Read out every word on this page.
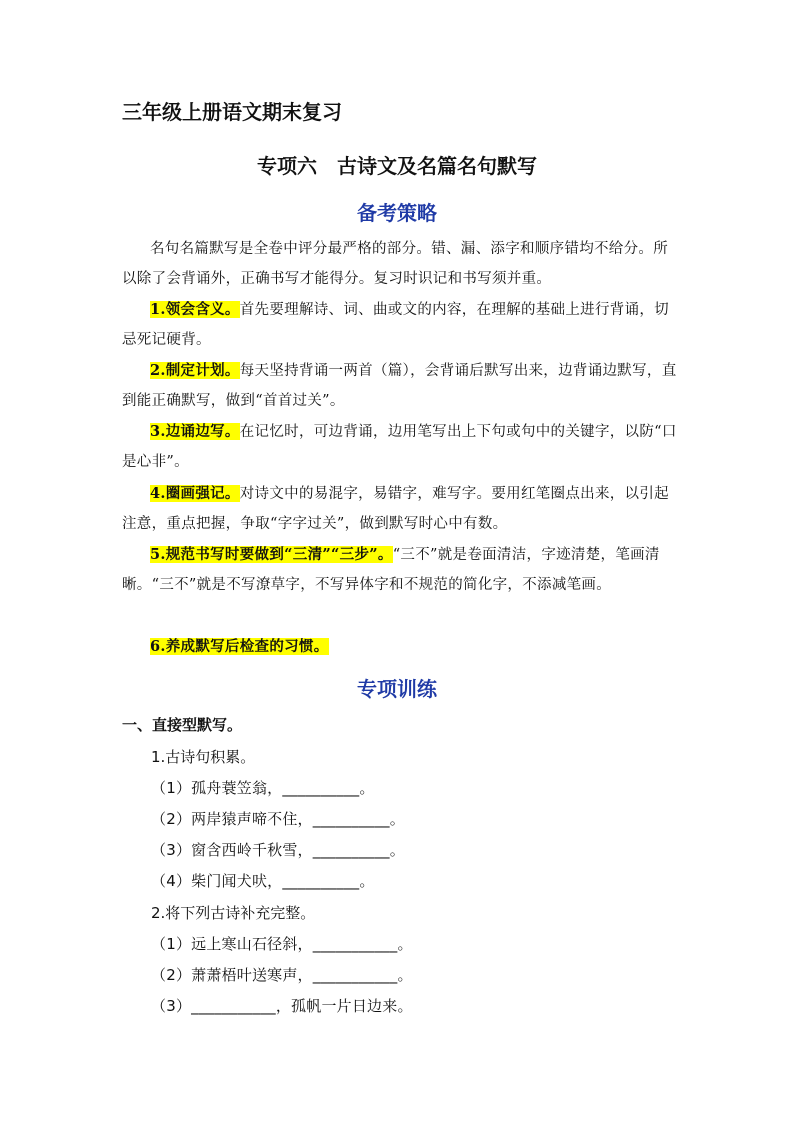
三年级上册语文期末复习
专项六　古诗文及名篇名句默写
备考策略
名句名篇默写是全卷中评分最严格的部分。错、漏、添字和顺序错均不给分。所以除了会背诵外，正确书写才能得分。复习时识记和书写须并重。
1.领会含义。首先要理解诗、词、曲或文的内容，在理解的基础上进行背诵，切忌死记硬背。
2.制定计划。每天坚持背诵一两首（篇），会背诵后默写出来，边背诵边默写，直到能正确默写，做到“首首过关”。
3.边诵边写。在记忆时，可边背诵，边用笔写出上下句或句中的关键字，以防“口是心非”。
4.圈画强记。对诗文中的易混字，易错字，难写字。要用红笔圈点出来，以引起注意，重点把握，争取“字字过关”，做到默写时心中有数。
5.规范书写时要做到“三清”“三步”。“三不”就是卷面清洁，字迹清楚，笔画清晰。“三不”就是不写潦草字，不写异体字和不规范的简化字，不添减笔画。
6.养成默写后检查的习惯。
专项训练
一、直接型默写。
1.古诗句积累。
（1）孤舟蓑笠翁，__________。
（2）两岸猿声啼不住，__________。
（3）窗含西岭千秋雪，__________。
（4）柴门闻犬吠，__________。
2.将下列古诗补充完整。
（1）远上寒山石径斜，___________。
（2）萧萧梧叶送寒声，___________。
（3）___________，孤帆一片日边来。
